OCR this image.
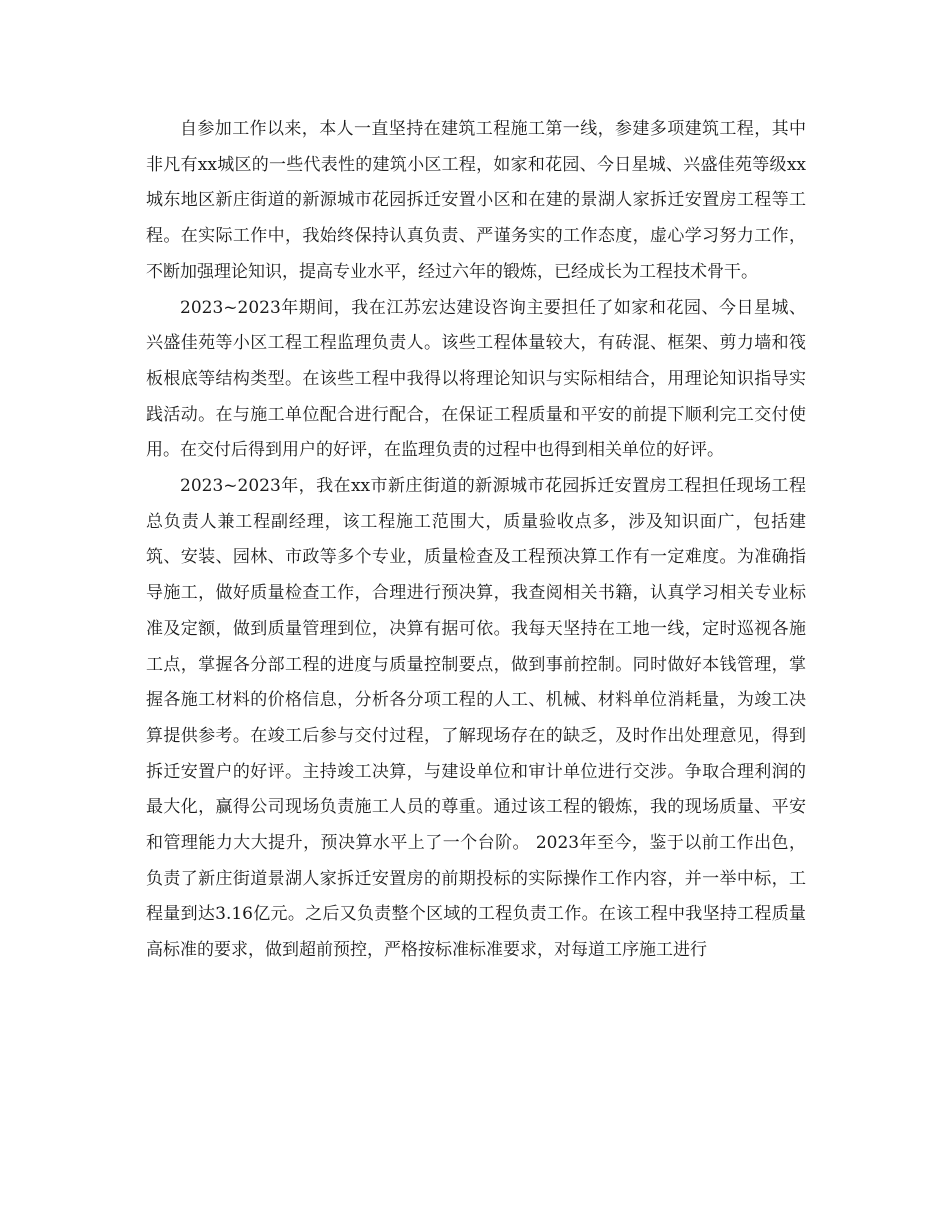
自参加工作以来，本人一直坚持在建筑工程施工第一线，参建多项建筑工程，其中非凡有xx城区的一些代表性的建筑小区工程，如家和花园、今日星城、兴盛佳苑等级xx城东地区新庄街道的新源城市花园拆迁安置小区和在建的景湖人家拆迁安置房工程等工程。在实际工作中，我始终保持认真负责、严谨务实的工作态度，虚心学习努力工作，不断加强理论知识，提高专业水平，经过六年的锻炼，已经成长为工程技术骨干。

2023~2023年期间，我在江苏宏达建设咨询主要担任了如家和花园、今日星城、兴盛佳苑等小区工程工程监理负责人。该些工程体量较大，有砖混、框架、剪力墙和筏板根底等结构类型。在该些工程中我得以将理论知识与实际相结合，用理论知识指导实践活动。在与施工单位配合进行配合，在保证工程质量和平安的前提下顺利完工交付使用。在交付后得到用户的好评，在监理负责的过程中也得到相关单位的好评。

2023~2023年，我在xx市新庄街道的新源城市花园拆迁安置房工程担任现场工程总负责人兼工程副经理，该工程施工范围大，质量验收点多，涉及知识面广，包括建筑、安装、园林、市政等多个专业，质量检查及工程预决算工作有一定难度。为准确指导施工，做好质量检查工作，合理进行预决算，我查阅相关书籍，认真学习相关专业标准及定额，做到质量管理到位，决算有据可依。我每天坚持在工地一线，定时巡视各施工点，掌握各分部工程的进度与质量控制要点，做到事前控制。同时做好本钱管理，掌握各施工材料的价格信息，分析各分项工程的人工、机械、材料单位消耗量，为竣工决算提供参考。在竣工后参与交付过程，了解现场存在的缺乏，及时作出处理意见，得到拆迁安置户的好评。主持竣工决算，与建设单位和审计单位进行交涉。争取合理利润的最大化，赢得公司现场负责施工人员的尊重。通过该工程的锻炼，我的现场质量、平安和管理能力大大提升，预决算水平上了一个台阶。 2023年至今，鉴于以前工作出色，负责了新庄街道景湖人家拆迁安置房的前期投标的实际操作工作内容，并一举中标，工程量到达3.16亿元。之后又负责整个区域的工程负责工作。在该工程中我坚持工程质量高标准的要求，做到超前预控，严格按标准标准要求，对每道工序施工进行
